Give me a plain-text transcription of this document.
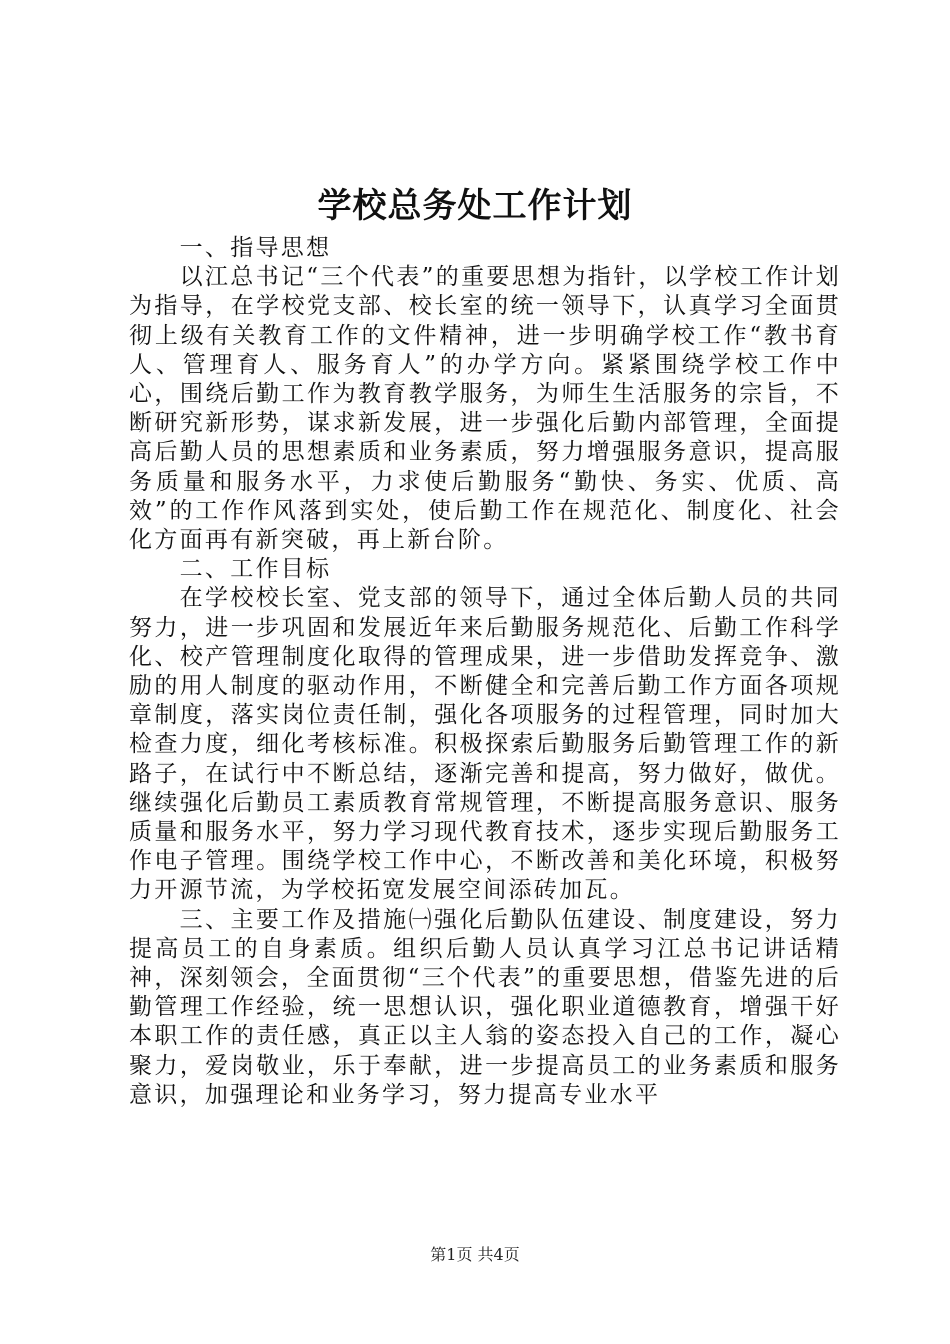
学校总务处工作计划

一、指导思想

以江总书记“三个代表”的重要思想为指针，以学校工作计划为指导，在学校党支部、校长室的统一领导下，认真学习全面贯彻上级有关教育工作的文件精神，进一步明确学校工作“教书育人、管理育人、服务育人”的办学方向。紧紧围绕学校工作中心，围绕后勤工作为教育教学服务，为师生生活服务的宗旨，不断研究新形势，谋求新发展，进一步强化后勤内部管理，全面提高后勤人员的思想素质和业务素质，努力增强服务意识，提高服务质量和服务水平，力求使后勤服务“勤快、务实、优质、高效”的工作作风落到实处，使后勤工作在规范化、制度化、社会化方面再有新突破，再上新台阶。

二、工作目标

在学校校长室、党支部的领导下，通过全体后勤人员的共同努力，进一步巩固和发展近年来后勤服务规范化、后勤工作科学化、校产管理制度化取得的管理成果，进一步借助发挥竞争、激励的用人制度的驱动作用，不断健全和完善后勤工作方面各项规章制度，落实岗位责任制，强化各项服务的过程管理，同时加大检查力度，细化考核标准。积极探索后勤服务后勤管理工作的新路子，在试行中不断总结，逐渐完善和提高，努力做好，做优。继续强化后勤员工素质教育常规管理，不断提高服务意识、服务质量和服务水平，努力学习现代教育技术，逐步实现后勤服务工作电子管理。围绕学校工作中心，不断改善和美化环境，积极努力开源节流，为学校拓宽发展空间添砖加瓦。

三、主要工作及措施㈠强化后勤队伍建设、制度建设，努力提高员工的自身素质。组织后勤人员认真学习江总书记讲话精神，深刻领会，全面贯彻“三个代表”的重要思想，借鉴先进的后勤管理工作经验，统一思想认识，强化职业道德教育，增强干好本职工作的责任感，真正以主人翁的姿态投入自己的工作，凝心聚力，爱岗敬业，乐于奉献，进一步提高员工的业务素质和服务意识，加强理论和业务学习，努力提高专业水平

第1页 共4页
